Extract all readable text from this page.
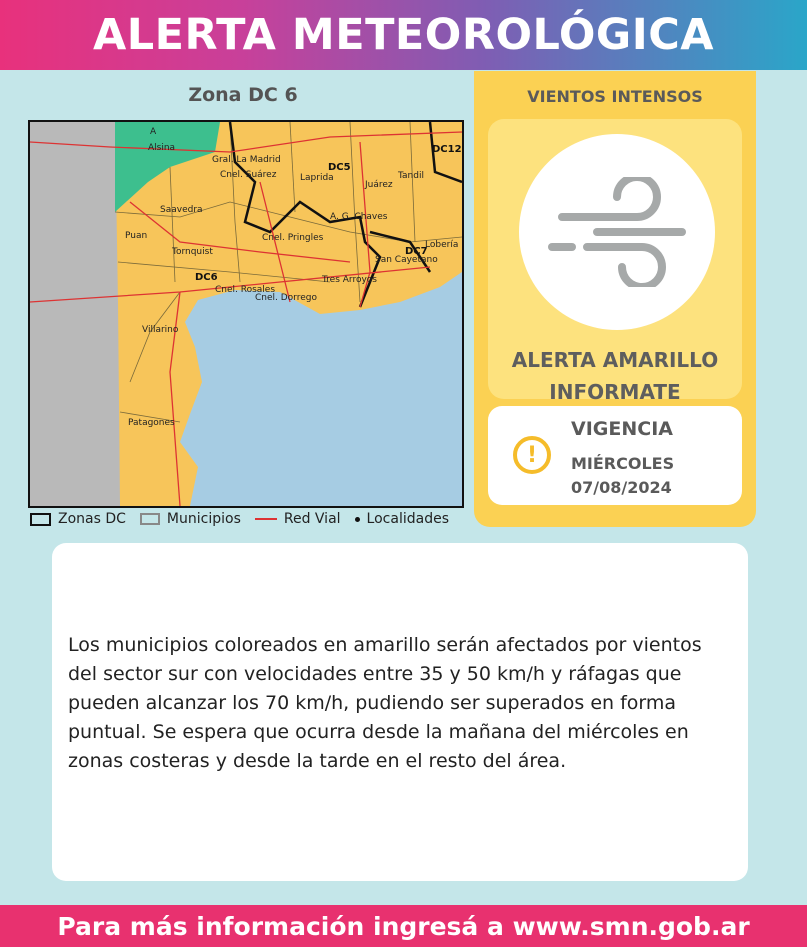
ALERTA METEOROLÓGICA
Zona DC 6
Alsina
Gral. La Madrid
Laprida
Cnel. Suárez
Juárez
Tandil
Saavedra
A. G. Chaves
Cnel. Pringles
Lobería
San Cayetano
Puan
Tornquist
Tres Arroyos
Cnel. Rosales
Cnel. Dorrego
Villarino
Patagones
A
DC5
DC6
DC7
DC12
Zonas DC	Municipios	Red Vial Localidades
VIENTOS INTENSOS
ALERTA AMARILLO
INFORMATE
!
VIGENCIA
MIÉRCOLES
07/08/2024
Los municipios coloreados en amarillo serán afectados por vientos del sector sur con velocidades entre 35 y 50 km/h y ráfagas que pueden alcanzar los 70 km/h, pudiendo ser superados en forma puntual. Se espera que ocurra desde la mañana del miércoles en zonas costeras y desde la tarde en el resto del área.
Para más información ingresá a www.smn.gob.ar
